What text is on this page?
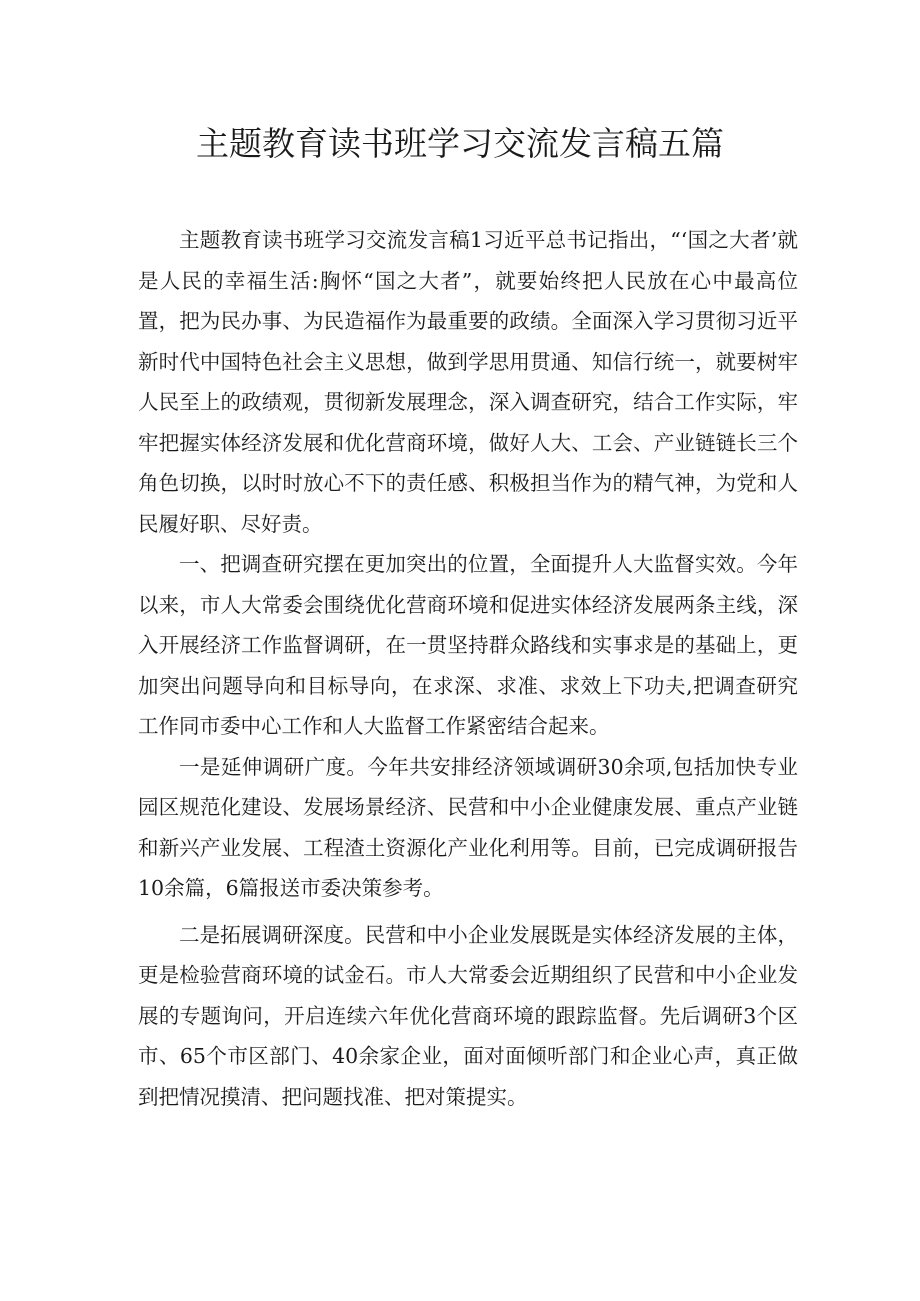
主题教育读书班学习交流发言稿五篇

主题教育读书班学习交流发言稿1习近平总书记指出，“‘国之大者’就是人民的幸福生活:胸怀“国之大者”，就要始终把人民放在心中最高位置，把为民办事、为民造福作为最重要的政绩。全面深入学习贯彻习近平新时代中国特色社会主义思想，做到学思用贯通、知信行统一，就要树牢人民至上的政绩观，贯彻新发展理念，深入调查研究，结合工作实际，牢牢把握实体经济发展和优化营商环境，做好人大、工会、产业链链长三个角色切换，以时时放心不下的责任感、积极担当作为的精气神，为党和人民履好职、尽好责。

一、把调查研究摆在更加突出的位置，全面提升人大监督实效。今年以来，市人大常委会围绕优化营商环境和促进实体经济发展两条主线，深入开展经济工作监督调研，在一贯坚持群众路线和实事求是的基础上，更加突出问题导向和目标导向，在求深、求准、求效上下功夫,把调查研究工作同市委中心工作和人大监督工作紧密结合起来。

一是延伸调研广度。今年共安排经济领域调研30余项,包括加快专业园区规范化建设、发展场景经济、民营和中小企业健康发展、重点产业链和新兴产业发展、工程渣土资源化产业化利用等。目前，已完成调研报告10余篇，6篇报送市委决策参考。

二是拓展调研深度。民营和中小企业发展既是实体经济发展的主体，更是检验营商环境的试金石。市人大常委会近期组织了民营和中小企业发展的专题询问，开启连续六年优化营商环境的跟踪监督。先后调研3个区市、65个市区部门、40余家企业，面对面倾听部门和企业心声，真正做到把情况摸清、把问题找准、把对策提实。
